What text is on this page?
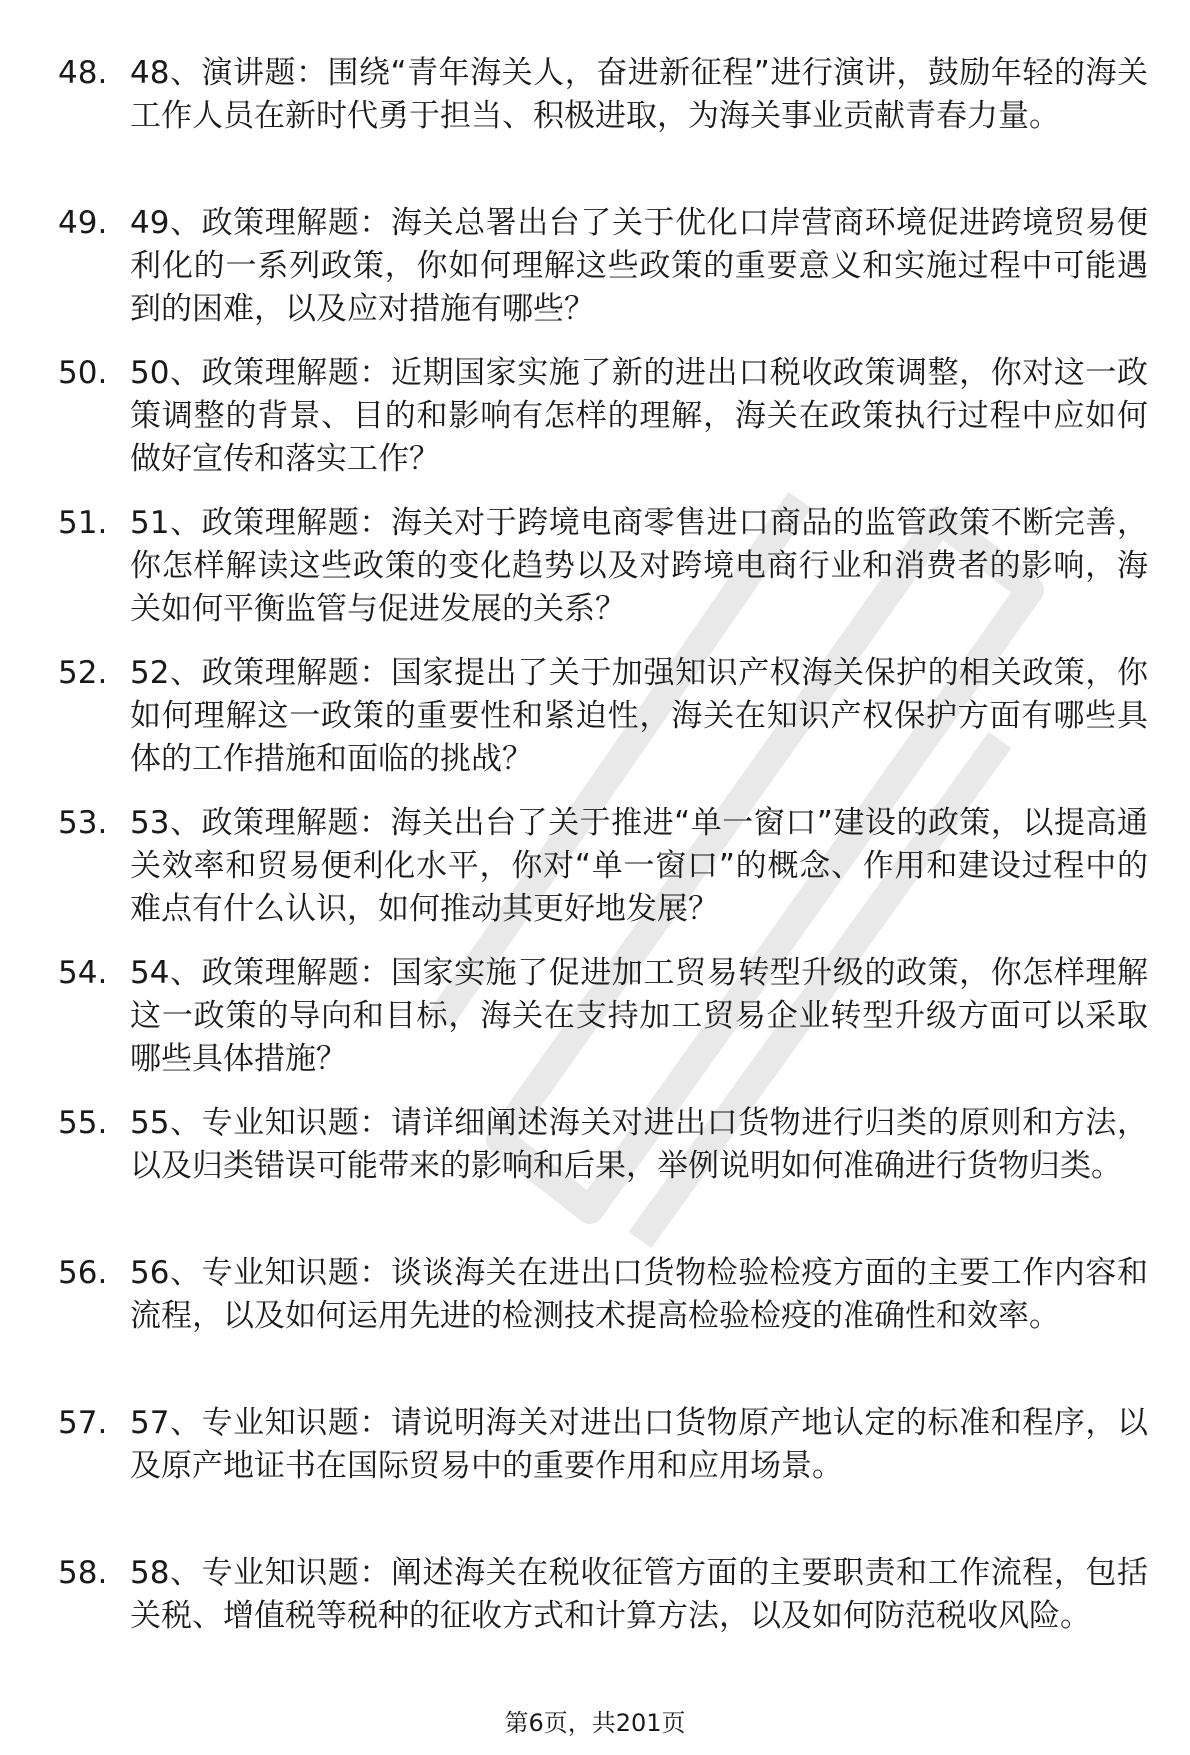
48. 48、演讲题：围绕“青年海关人，奋进新征程”进行演讲，鼓励年轻的海关工作人员在新时代勇于担当、积极进取，为海关事业贡献青春力量。
49. 49、政策理解题：海关总署出台了关于优化口岸营商环境促进跨境贸易便利化的一系列政策，你如何理解这些政策的重要意义和实施过程中可能遇到的困难，以及应对措施有哪些？
50. 50、政策理解题：近期国家实施了新的进出口税收政策调整，你对这一政策调整的背景、目的和影响有怎样的理解，海关在政策执行过程中应如何做好宣传和落实工作？
51. 51、政策理解题：海关对于跨境电商零售进口商品的监管政策不断完善，你怎样解读这些政策的变化趋势以及对跨境电商行业和消费者的影响，海关如何平衡监管与促进发展的关系？
52. 52、政策理解题：国家提出了关于加强知识产权海关保护的相关政策，你如何理解这一政策的重要性和紧迫性，海关在知识产权保护方面有哪些具体的工作措施和面临的挑战？
53. 53、政策理解题：海关出台了关于推进“单一窗口”建设的政策，以提高通关效率和贸易便利化水平，你对“单一窗口”的概念、作用和建设过程中的难点有什么认识，如何推动其更好地发展？
54. 54、政策理解题：国家实施了促进加工贸易转型升级的政策，你怎样理解这一政策的导向和目标，海关在支持加工贸易企业转型升级方面可以采取哪些具体措施？
55. 55、专业知识题：请详细阐述海关对进出口货物进行归类的原则和方法，以及归类错误可能带来的影响和后果，举例说明如何准确进行货物归类。
56. 56、专业知识题：谈谈海关在进出口货物检验检疫方面的主要工作内容和流程，以及如何运用先进的检测技术提高检验检疫的准确性和效率。
57. 57、专业知识题：请说明海关对进出口货物原产地认定的标准和程序，以及原产地证书在国际贸易中的重要作用和应用场景。
58. 58、专业知识题：阐述海关在税收征管方面的主要职责和工作流程，包括关税、增值税等税种的征收方式和计算方法，以及如何防范税收风险。
第6页，共201页
